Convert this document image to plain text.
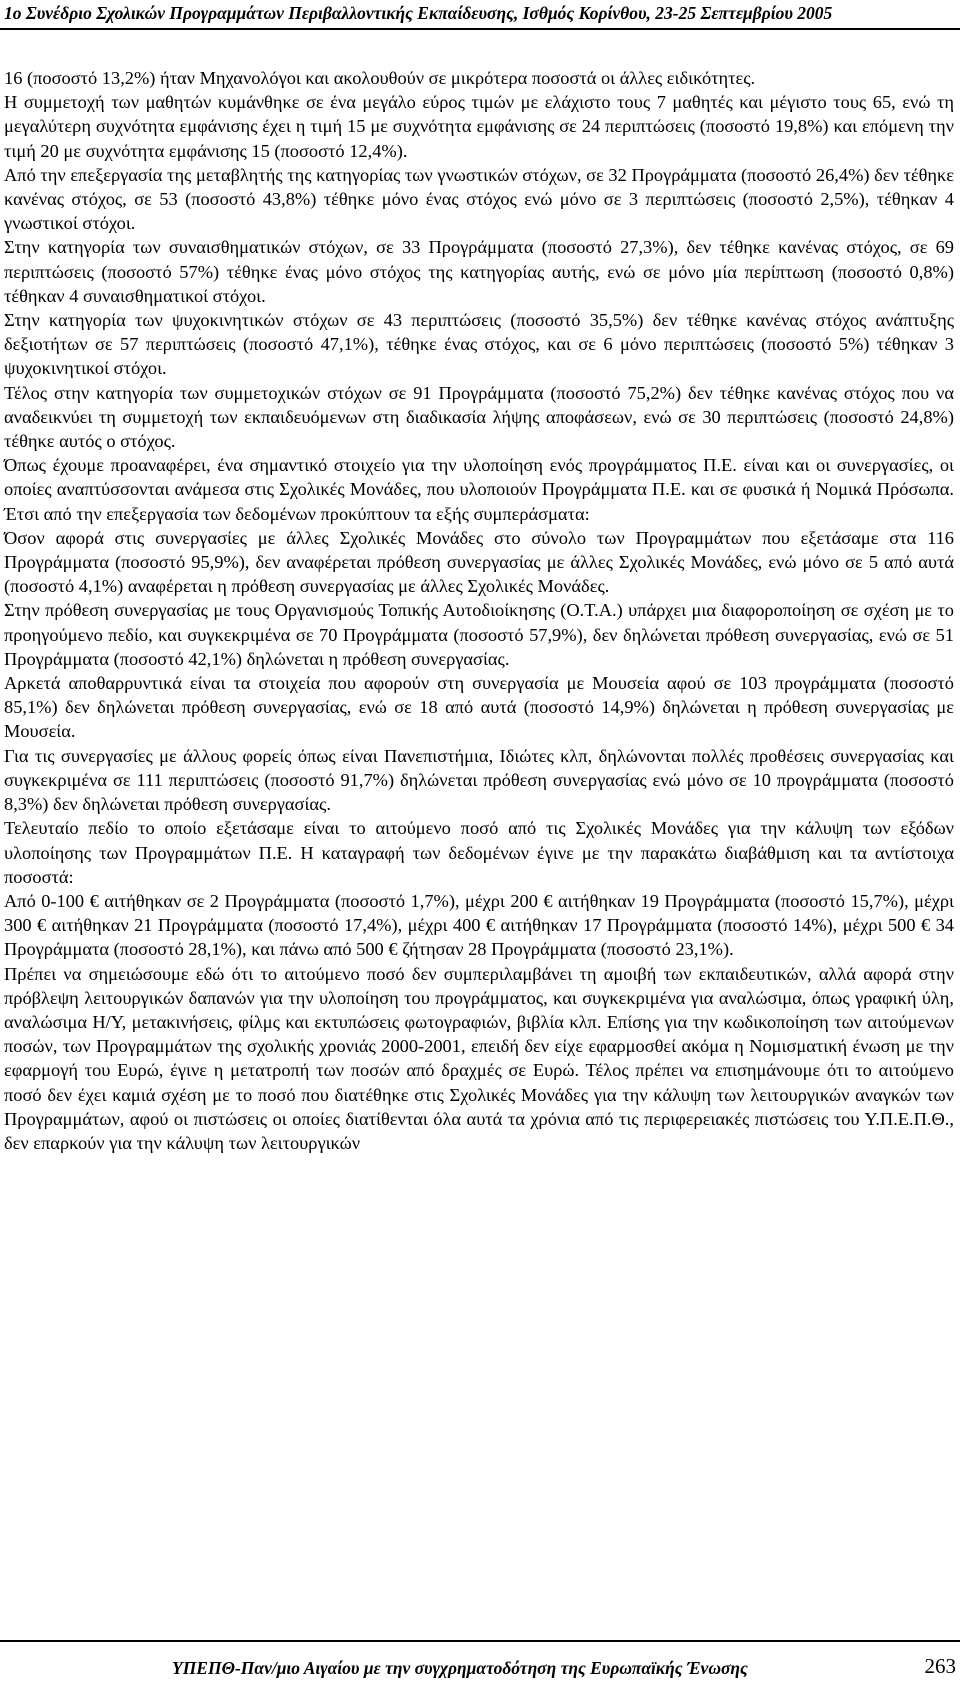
1ο Συνέδριο Σχολικών Προγραμμάτων Περιβαλλοντικής Εκπαίδευσης, Ισθμός Κορίνθου, 23-25 Σεπτεμβρίου 2005

16 (ποσοστό 13,2%) ήταν Μηχανολόγοι και ακολουθούν σε μικρότερα ποσοστά οι άλλες ειδικότητες.

Η συμμετοχή των μαθητών κυμάνθηκε σε ένα μεγάλο εύρος τιμών με ελάχιστο τους 7 μαθητές και μέγιστο τους 65, ενώ τη μεγαλύτερη συχνότητα εμφάνισης έχει η τιμή 15 με συχνότητα εμφάνισης σε 24 περιπτώσεις (ποσοστό 19,8%) και επόμενη την τιμή 20 με συχνότητα εμφάνισης 15 (ποσοστό 12,4%).

Από την επεξεργασία της μεταβλητής της κατηγορίας των γνωστικών στόχων, σε 32 Προγράμματα (ποσοστό 26,4%) δεν τέθηκε κανένας στόχος, σε 53 (ποσοστό 43,8%) τέθηκε μόνο ένας στόχος ενώ μόνο σε 3 περιπτώσεις (ποσοστό 2,5%), τέθηκαν 4 γνωστικοί στόχοι.

Στην κατηγορία των συναισθηματικών στόχων, σε 33 Προγράμματα (ποσοστό 27,3%), δεν τέθηκε κανένας στόχος, σε 69 περιπτώσεις (ποσοστό 57%) τέθηκε ένας μόνο στόχος της κατηγορίας αυτής, ενώ σε μόνο μία περίπτωση (ποσοστό 0,8%) τέθηκαν 4 συναισθηματικοί στόχοι.

Στην κατηγορία των ψυχοκινητικών στόχων σε 43 περιπτώσεις (ποσοστό 35,5%) δεν τέθηκε κανένας στόχος ανάπτυξης δεξιοτήτων σε 57 περιπτώσεις (ποσοστό 47,1%), τέθηκε ένας στόχος, και σε 6 μόνο περιπτώσεις (ποσοστό 5%) τέθηκαν 3 ψυχοκινητικοί στόχοι.

Τέλος στην κατηγορία των συμμετοχικών στόχων σε 91 Προγράμματα (ποσοστό 75,2%) δεν τέθηκε κανένας στόχος που να αναδεικνύει τη συμμετοχή των εκπαιδευόμενων στη διαδικασία λήψης αποφάσεων, ενώ σε 30 περιπτώσεις (ποσοστό 24,8%) τέθηκε αυτός ο στόχος.

Όπως έχουμε προαναφέρει, ένα σημαντικό στοιχείο για την υλοποίηση ενός προγράμματος Π.Ε. είναι και οι συνεργασίες, οι οποίες αναπτύσσονται ανάμεσα στις Σχολικές Μονάδες, που υλοποιούν Προγράμματα Π.Ε. και σε φυσικά ή Νομικά Πρόσωπα. Έτσι από την επεξεργασία των δεδομένων προκύπτουν τα εξής συμπεράσματα:

Όσον αφορά στις συνεργασίες με άλλες Σχολικές Μονάδες στο σύνολο των Προγραμμάτων που εξετάσαμε στα 116 Προγράμματα (ποσοστό 95,9%), δεν αναφέρεται πρόθεση συνεργασίας με άλλες Σχολικές Μονάδες, ενώ μόνο σε 5 από αυτά (ποσοστό 4,1%) αναφέρεται η πρόθεση συνεργασίας με άλλες Σχολικές Μονάδες.

Στην πρόθεση συνεργασίας με τους Οργανισμούς Τοπικής Αυτοδιοίκησης (Ο.Τ.Α.) υπάρχει μια διαφοροποίηση σε σχέση με το προηγούμενο πεδίο, και συγκεκριμένα σε 70 Προγράμματα (ποσοστό 57,9%), δεν δηλώνεται πρόθεση συνεργασίας, ενώ σε 51 Προγράμματα (ποσοστό 42,1%) δηλώνεται η πρόθεση συνεργασίας.

Αρκετά αποθαρρυντικά είναι τα στοιχεία που αφορούν στη συνεργασία με Μουσεία αφού σε 103 προγράμματα (ποσοστό 85,1%) δεν δηλώνεται πρόθεση συνεργασίας, ενώ σε 18 από αυτά (ποσοστό 14,9%) δηλώνεται η πρόθεση συνεργασίας με Μουσεία.

Για τις συνεργασίες με άλλους φορείς όπως είναι Πανεπιστήμια, Ιδιώτες κλπ, δηλώνονται πολλές προθέσεις συνεργασίας και συγκεκριμένα σε 111 περιπτώσεις (ποσοστό 91,7%) δηλώνεται πρόθεση συνεργασίας ενώ μόνο σε 10 προγράμματα (ποσοστό 8,3%) δεν δηλώνεται πρόθεση συνεργασίας.

Τελευταίο πεδίο το οποίο εξετάσαμε είναι το αιτούμενο ποσό από τις Σχολικές Μονάδες για την κάλυψη των εξόδων υλοποίησης των Προγραμμάτων Π.Ε. Η καταγραφή των δεδομένων έγινε με την παρακάτω διαβάθμιση και τα αντίστοιχα ποσοστά:

Από 0-100 € αιτήθηκαν σε 2 Προγράμματα (ποσοστό 1,7%), μέχρι 200 € αιτήθηκαν 19 Προγράμματα (ποσοστό 15,7%), μέχρι 300 € αιτήθηκαν 21 Προγράμματα (ποσοστό 17,4%), μέχρι 400 € αιτήθηκαν 17 Προγράμματα (ποσοστό 14%), μέχρι 500 € 34 Προγράμματα (ποσοστό 28,1%), και πάνω από 500 € ζήτησαν 28 Προγράμματα (ποσοστό 23,1%).

Πρέπει να σημειώσουμε εδώ ότι το αιτούμενο ποσό δεν συμπεριλαμβάνει τη αμοιβή των εκπαιδευτικών, αλλά αφορά στην πρόβλεψη λειτουργικών δαπανών για την υλοποίηση του προγράμματος, και συγκεκριμένα για αναλώσιμα, όπως γραφική ύλη, αναλώσιμα Η/Υ, μετακινήσεις, φίλμς και εκτυπώσεις φωτογραφιών, βιβλία κλπ. Επίσης για την κωδικοποίηση των αιτούμενων ποσών, των Προγραμμάτων της σχολικής χρονιάς 2000-2001, επειδή δεν είχε εφαρμοσθεί ακόμα η Νομισματική ένωση με την εφαρμογή του Ευρώ, έγινε η μετατροπή των ποσών από δραχμές σε Ευρώ. Τέλος πρέπει να επισημάνουμε ότι το αιτούμενο ποσό δεν έχει καμιά σχέση με το ποσό που διατέθηκε στις Σχολικές Μονάδες για την κάλυψη των λειτουργικών αναγκών των Προγραμμάτων, αφού οι πιστώσεις οι οποίες διατίθενται όλα αυτά τα χρόνια από τις περιφερειακές πιστώσεις του Υ.Π.Ε.Π.Θ., δεν επαρκούν για την κάλυψη των λειτουργικών

ΥΠΕΠΘ-Παν/μιο Αιγαίου με την συγχρηματοδότηση της Ευρωπαϊκής Ένωσης	263
